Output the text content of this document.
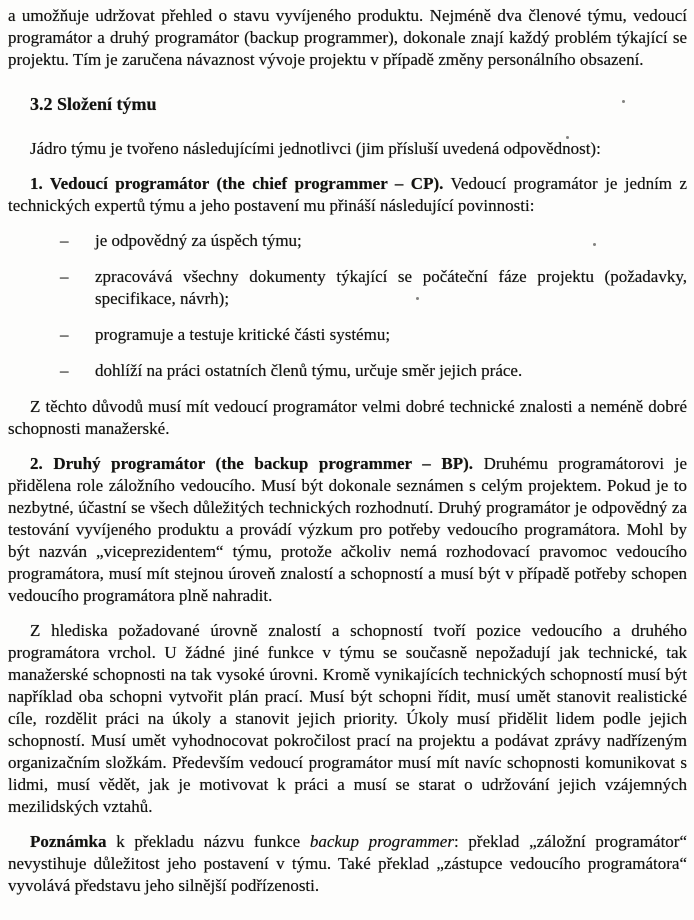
a umožňuje udržovat přehled o stavu vyvíjeného produktu. Nejméně dva členové týmu, vedoucí programátor a druhý programátor (backup programmer), dokonale znají každý problém týkající se projektu. Tím je zaručena návaznost vývoje projektu v případě změny personálního obsazení.

3.2 Složení týmu

Jádro týmu je tvořeno následujícími jednotlivci (jim přísluší uvedená odpovědnost):

1. Vedoucí programátor (the chief programmer – CP). Vedoucí programátor je jedním z technických expertů týmu a jeho postavení mu přináší následující povinnosti:

– je odpovědný za úspěch týmu;
– zpracovává všechny dokumenty týkající se počáteční fáze projektu (požadavky, specifikace, návrh);
– programuje a testuje kritické části systému;
– dohlíží na práci ostatních členů týmu, určuje směr jejich práce.

Z těchto důvodů musí mít vedoucí programátor velmi dobré technické znalosti a neméně dobré schopnosti manažerské.

2. Druhý programátor (the backup programmer – BP). Druhému programátorovi je přidělena role záložního vedoucího. Musí být dokonale seznámen s celým projektem. Pokud je to nezbytné, účastní se všech důležitých technických rozhodnutí. Druhý programátor je odpovědný za testování vyvíjeného produktu a provádí výzkum pro potřeby vedoucího programátora. Mohl by být nazván „viceprezidentem“ týmu, protože ačkoliv nemá rozhodovací pravomoc vedoucího programátora, musí mít stejnou úroveň znalostí a schopností a musí být v případě potřeby schopen vedoucího programátora plně nahradit.

Z hlediska požadované úrovně znalostí a schopností tvoří pozice vedoucího a druhého programátora vrchol. U žádné jiné funkce v týmu se současně nepožadují jak technické, tak manažerské schopnosti na tak vysoké úrovni. Kromě vynikajících technických schopností musí být například oba schopni vytvořit plán prací. Musí být schopni řídit, musí umět stanovit realistické cíle, rozdělit práci na úkoly a stanovit jejich priority. Úkoly musí přidělit lidem podle jejich schopností. Musí umět vyhodnocovat pokročilost prací na projektu a podávat zprávy nadřízeným organizačním složkám. Především vedoucí programátor musí mít navíc schopnosti komunikovat s lidmi, musí vědět, jak je motivovat k práci a musí se starat o udržování jejich vzájemných mezilidských vztahů.

Poznámka k překladu názvu funkce backup programmer: překlad „záložní programátor“ nevystihuje důležitost jeho postavení v týmu. Také překlad „zástupce vedoucího programátora“ vyvolává představu jeho silnější podřízenosti.
